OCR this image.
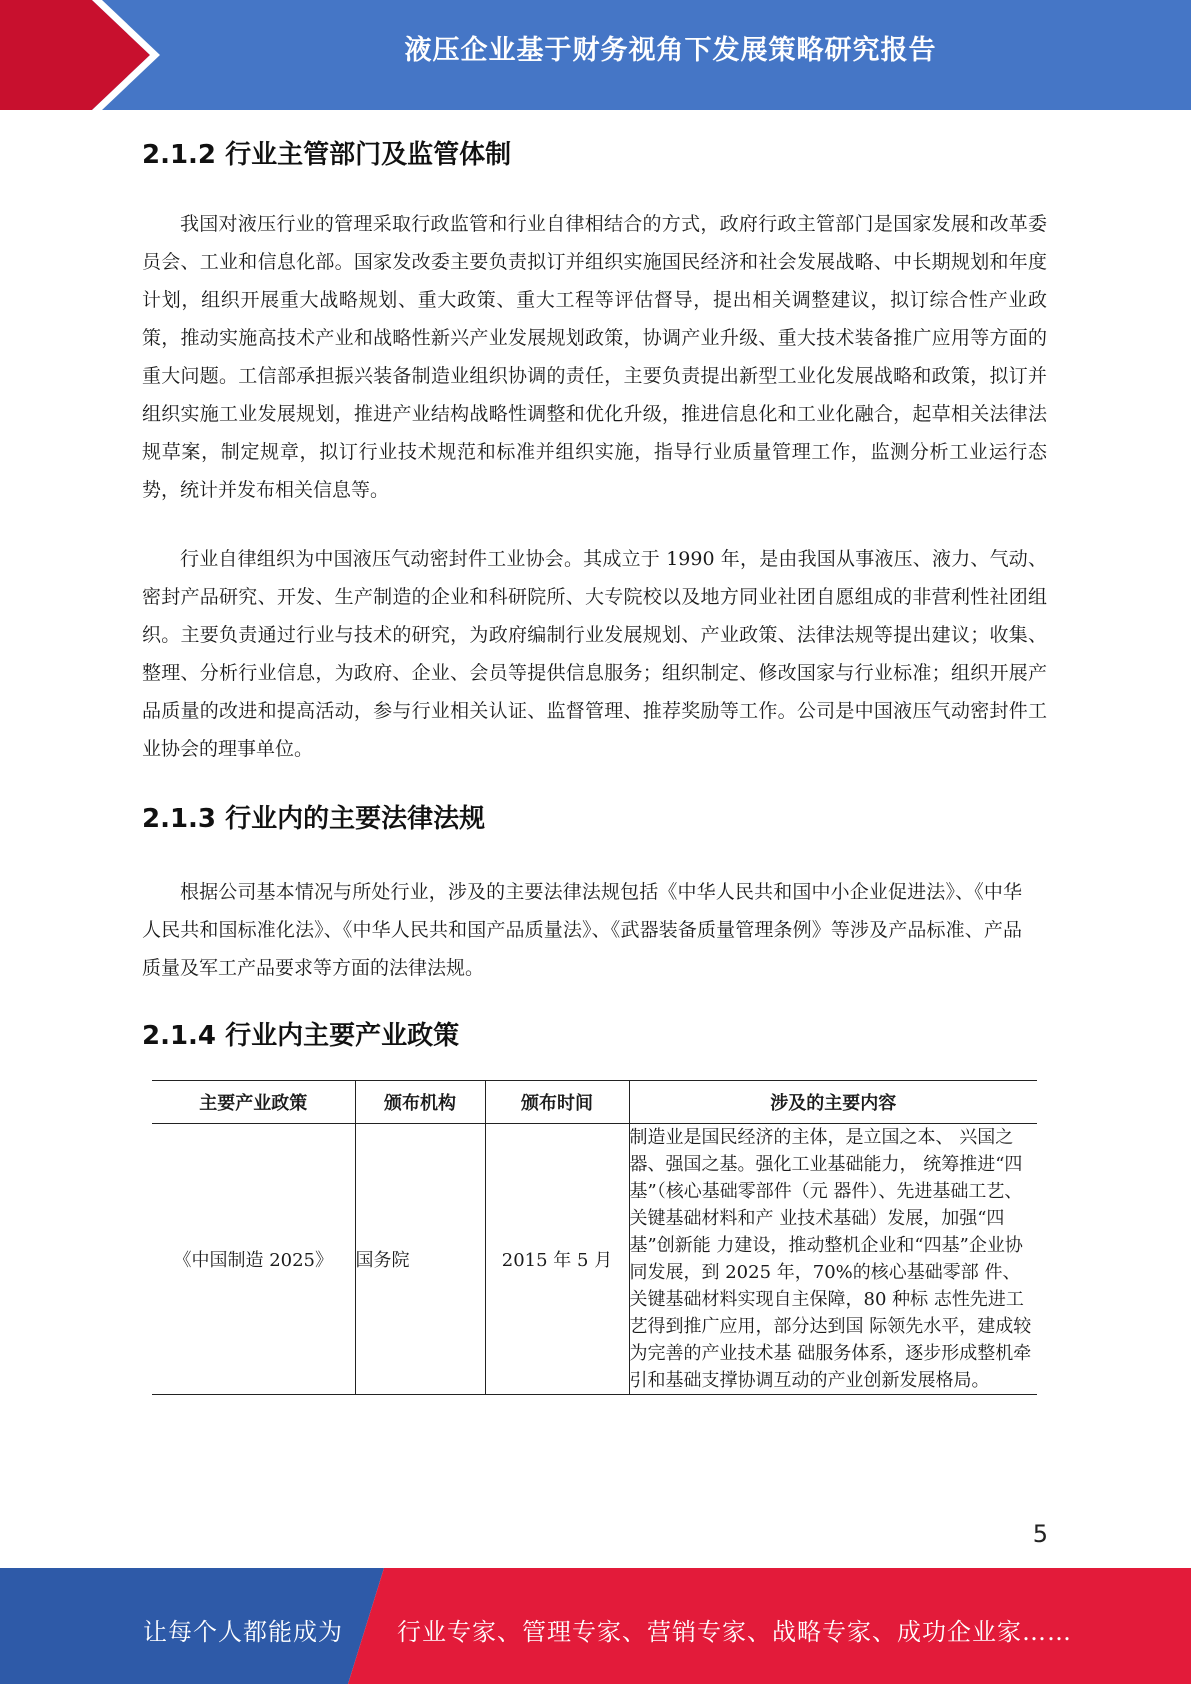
液压企业基于财务视角下发展策略研究报告
2.1.2 行业主管部门及监管体制

我国对液压行业的管理采取行政监管和行业自律相结合的方式，政府行政主管部门是国家发展和改革委员会、工业和信息化部。国家发改委主要负责拟订并组织实施国民经济和社会发展战略、中长期规划和年度计划，组织开展重大战略规划、重大政策、重大工程等评估督导，提出相关调整建议，拟订综合性产业政策，推动实施高技术产业和战略性新兴产业发展规划政策，协调产业升级、重大技术装备推广应用等方面的重大问题。工信部承担振兴装备制造业组织协调的责任，主要负责提出新型工业化发展战略和政策，拟订并组织实施工业发展规划，推进产业结构战略性调整和优化升级，推进信息化和工业化融合，起草相关法律法规草案，制定规章，拟订行业技术规范和标准并组织实施，指导行业质量管理工作，监测分析工业运行态势，统计并发布相关信息等。

行业自律组织为中国液压气动密封件工业协会。其成立于 1990 年，是由我国从事液压、液力、气动、密封产品研究、开发、生产制造的企业和科研院所、大专院校以及地方同业社团自愿组成的非营利性社团组织。主要负责通过行业与技术的研究，为政府编制行业发展规划、产业政策、法律法规等提出建议；收集、整理、分析行业信息，为政府、企业、会员等提供信息服务；组织制定、修改国家与行业标准；组织开展产品质量的改进和提高活动，参与行业相关认证、监督管理、推荐奖励等工作。公司是中国液压气动密封件工业协会的理事单位。

2.1.3 行业内的主要法律法规

根据公司基本情况与所处行业，涉及的主要法律法规包括《中华人民共和国中小企业促进法》、《中华人民共和国标准化法》、《中华人民共和国产品质量法》、《武器装备质量管理条例》等涉及产品标准、产品质量及军工产品要求等方面的法律法规。

2.1.4 行业内主要产业政策
主要产业政策	颁布机构	颁布时间	涉及的主要内容
《中国制造 2025》	国务院	2015 年 5 月	制造业是国民经济的主体，是立国之本、 兴国之器、强国之基。强化工业基础能力， 统筹推进“四基”（核心基础零部件（元 器件）、先进基础工艺、关键基础材料和产 业技术基础）发展，加强“四基”创新能 力建设，推动整机企业和“四基”企业协 同发展，到 2025 年，70%的核心基础零部 件、关键基础材料实现自主保障，80 种标 志性先进工艺得到推广应用，部分达到国 际领先水平，建成较为完善的产业技术基 础服务体系，逐步形成整机牵引和基础支撑协调互动的产业创新发展格局。
5
让每个人都能成为 行业专家、管理专家、营销专家、战略专家、成功企业家……
